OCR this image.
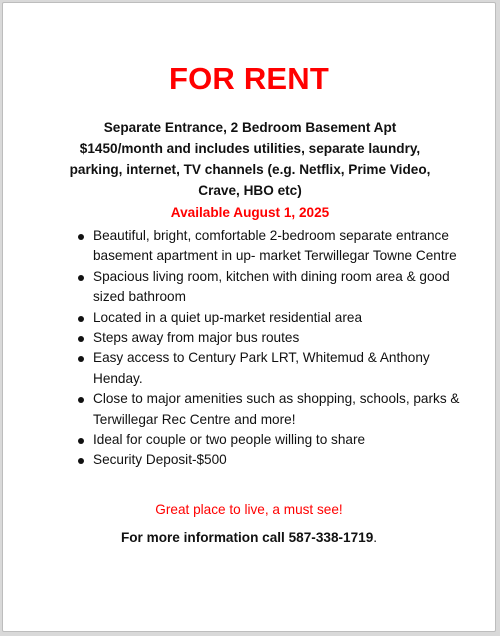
FOR RENT
Separate Entrance, 2 Bedroom Basement Apt
$1450/month and includes utilities, separate laundry, parking, internet, TV channels (e.g. Netflix, Prime Video, Crave, HBO etc)
Available August 1, 2025
Beautiful, bright, comfortable 2-bedroom separate entrance basement apartment in up- market Terwillegar Towne Centre
Spacious living room, kitchen with dining room area & good sized bathroom
Located in a quiet up-market residential area
Steps away from major bus routes
Easy access to Century Park LRT, Whitemud & Anthony Henday.
Close to major amenities such as shopping, schools, parks & Terwillegar Rec Centre and more!
Ideal for couple or two people willing to share
Security Deposit-$500
Great place to live, a must see!
For more information call 587-338-1719.
